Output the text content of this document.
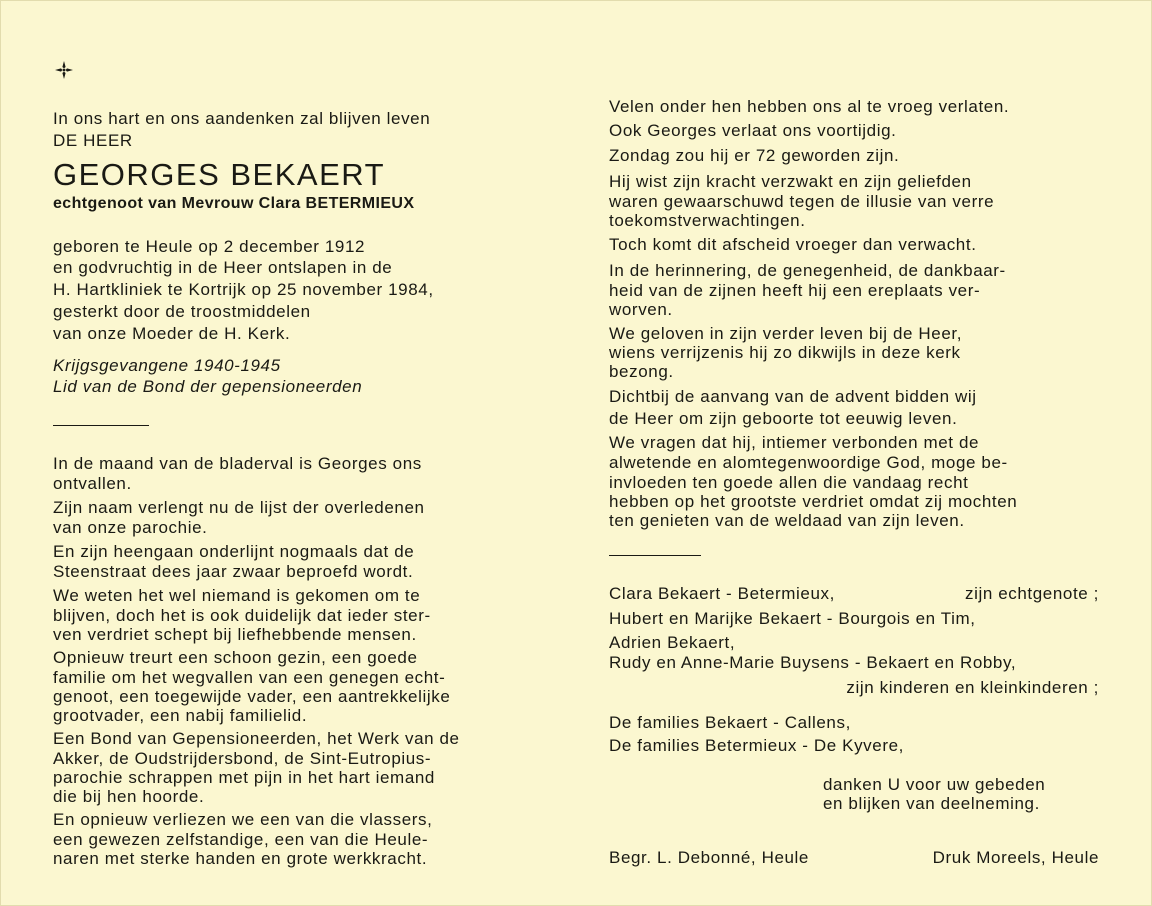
In ons hart en ons aandenken zal blijven leven
DE HEER
GEORGES BEKAERT
echtgenoot van Mevrouw Clara BETERMIEUX
geboren te Heule op 2 december 1912
en godvruchtig in de Heer ontslapen in de
H. Hartkliniek te Kortrijk op 25 november 1984,
gesterkt door de troostmiddelen
van onze Moeder de H. Kerk.
Krijgsgevangene 1940-1945
Lid van de Bond der gepensioneerden
In de maand van de bladerval is Georges ons
ontvallen.
Zijn naam verlengt nu de lijst der overledenen
van onze parochie.
En zijn heengaan onderlijnt nogmaals dat de
Steenstraat dees jaar zwaar beproefd wordt.
We weten het wel niemand is gekomen om te
blijven, doch het is ook duidelijk dat ieder ster-
ven verdriet schept bij liefhebbende mensen.
Opnieuw treurt een schoon gezin, een goede
familie om het wegvallen van een genegen echt-
genoot, een toegewijde vader, een aantrekkelijke
grootvader, een nabij familielid.
Een Bond van Gepensioneerden, het Werk van de
Akker, de Oudstrijdersbond, de Sint-Eutropius-
parochie schrappen met pijn in het hart iemand
die bij hen hoorde.
En opnieuw verliezen we een van die vlassers,
een gewezen zelfstandige, een van die Heule-
naren met sterke handen en grote werkkracht.
Velen onder hen hebben ons al te vroeg verlaten.
Ook Georges verlaat ons voortijdig.
Zondag zou hij er 72 geworden zijn.
Hij wist zijn kracht verzwakt en zijn geliefden
waren gewaarschuwd tegen de illusie van verre
toekomstverwachtingen.
Toch komt dit afscheid vroeger dan verwacht.
In de herinnering, de genegenheid, de dankbaar-
heid van de zijnen heeft hij een ereplaats ver-
worven.
We geloven in zijn verder leven bij de Heer,
wiens verrijzenis hij zo dikwijls in deze kerk
bezong.
Dichtbij de aanvang van de advent bidden wij
de Heer om zijn geboorte tot eeuwig leven.
We vragen dat hij, intiemer verbonden met de
alwetende en alomtegenwoordige God, moge be-
invloeden ten goede allen die vandaag recht
hebben op het grootste verdriet omdat zij mochten
ten genieten van de weldaad van zijn leven.
Clara Bekaert - Betermieux,	zijn echtgenote ;
Hubert en Marijke Bekaert - Bourgois en Tim,
Adrien Bekaert,
Rudy en Anne-Marie Buysens - Bekaert en Robby,
zijn kinderen en kleinkinderen ;
De families Bekaert - Callens,
De families Betermieux - De Kyvere,
danken U voor uw gebeden
en blijken van deelneming.
Begr. L. Debonné, Heule	Druk Moreels, Heule
